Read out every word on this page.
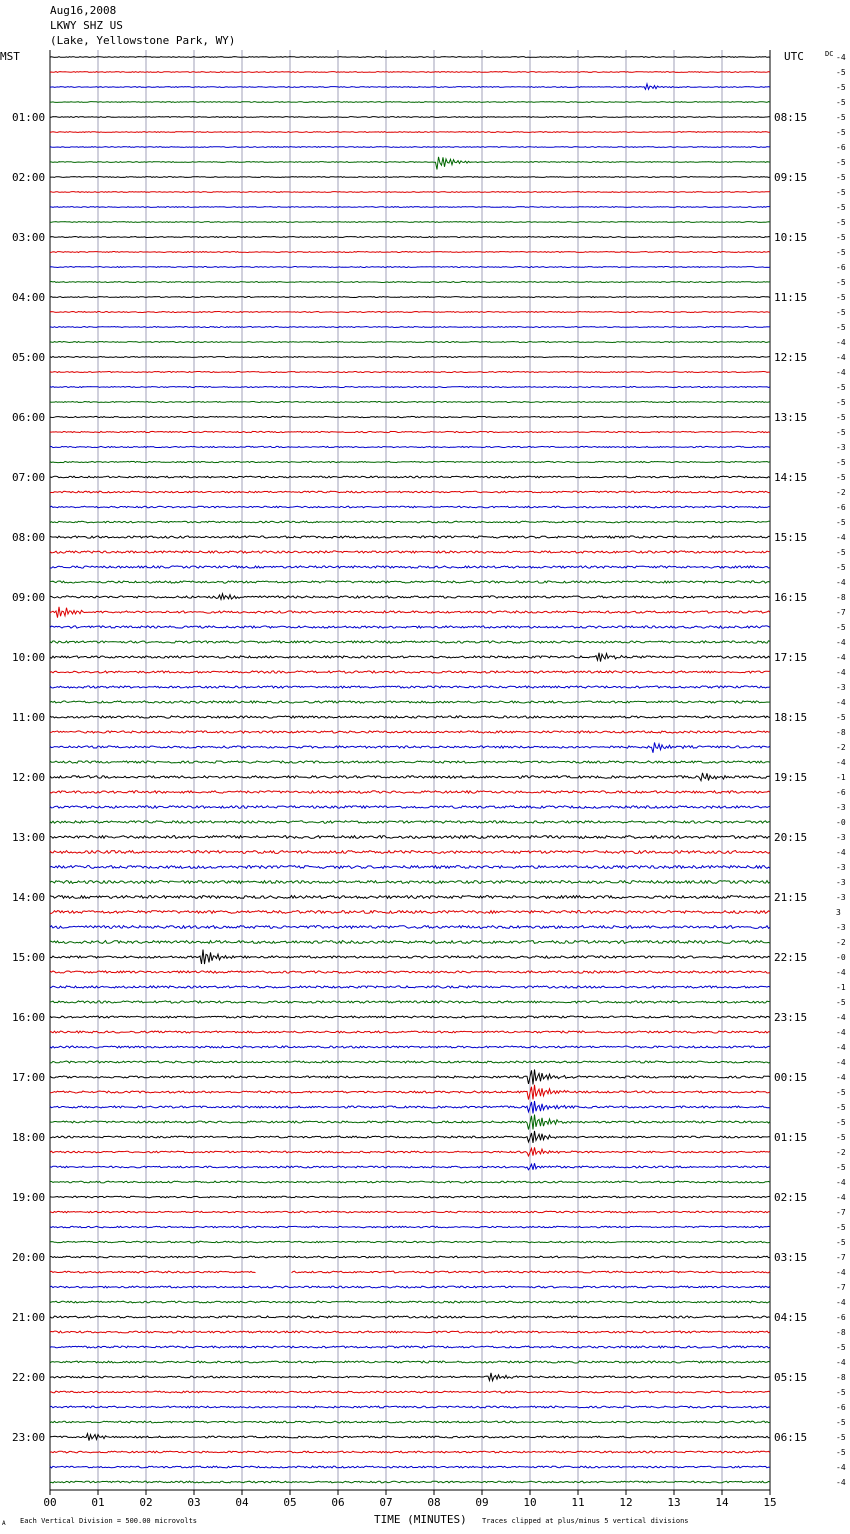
Aug16,2008
LKWY SHZ US
(Lake, Yellowstone Park, WY)
01:00	08:15
02:00	09:15
03:00	10:15
04:00	11:15
05:00	12:15
06:00	13:15
07:00	14:15
08:00	15:15
09:00	16:15
10:00	17:15
11:00	18:15
12:00	19:15
13:00	20:15
14:00	21:15
15:00	22:15
16:00	23:15
17:00	00:15
18:00	01:15
19:00	02:15
20:00	03:15
21:00	04:15
22:00	05:15
23:00	06:15
MST	UTC	DC -4
-5
-5
-5
-5
-5
-6
-5
-5
-5
-5
-5
-5
-5
-6
-5
-5
-5
-5
-4
-4
-4
-5
-5
-5
-5
-3
-5
-5
-2
-6
-5
-4
-5
-5
-4
-8
-7
-5
-4
-4
-4
-3
-4
-5
-8
-2
-4
-1
-6
-3
-0
-3
-4
-3
-3
-3
3
-3
-2
-0
-4
-1
-5
-4
-4
-4
-4
-4
-5
-5
-5
-5
-2
-5
-4
-4
-7
-5
-5
-7
-4
-7
-4
-6
-8
-5
-4
-8
-5
-6
-5
-5
-5
-4
-4
00	01	02	03	04	05	06	07	08	09	10	11	12	13	14	15
Each Vertical Division = 500.00 microvolts	TIME (MINUTES) Traces clipped at plus/minus 5 vertical divisions
A
